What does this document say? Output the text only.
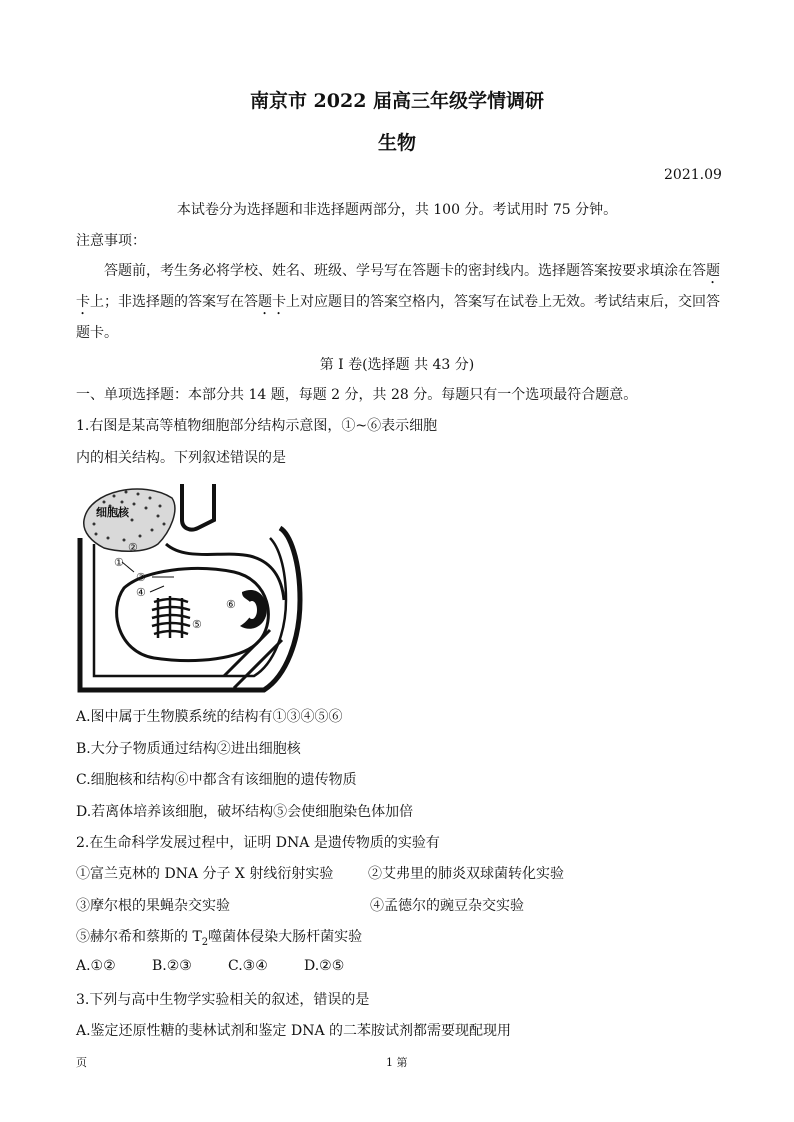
南京市 2022 届高三年级学情调研
生物
2021.09
本试卷分为选择题和非选择题两部分，共 100 分。考试用时 75 分钟。
注意事项：
答题前，考生务必将学校、姓名、班级、学号写在答题卡的密封线内。选择题答案按要求填涂在答题
卡上；非选择题的答案写在答题卡上对应题目的答案空格内，答案写在试卷上无效。考试结束后，交回答
题卡。
第 I 卷(选择题 共 43 分)
一、单项选择题：本部分共 14 题，每题 2 分，共 28 分。每题只有一个选项最符合题意。
1.右图是某高等植物细胞部分结构示意图，①~⑥表示细胞
内的相关结构。下列叙述错误的是
细胞核
②
①
③
④
⑤
⑥
A.图中属于生物膜系统的结构有①③④⑤⑥
B.大分子物质通过结构②进出细胞核
C.细胞核和结构⑥中都含有该细胞的遗传物质
D.若离体培养该细胞，破坏结构⑤会使细胞染色体加倍
2.在生命科学发展过程中，证明 DNA 是遗传物质的实验有
①富兰克林的 DNA 分子 X 射线衍射实验 ②艾弗里的肺炎双球菌转化实验
③摩尔根的果蝇杂交实验	④孟德尔的豌豆杂交实验
⑤赫尔希和蔡斯的 $T_2$噬菌体侵染大肠杆菌实验
A.①②	B.②③	C.③④	D.②⑤
3.下列与高中生物学实验相关的叙述，错误的是
A.鉴定还原性糖的斐林试剂和鉴定 DNA 的二苯胺试剂都需要现配现用
页	1 第
